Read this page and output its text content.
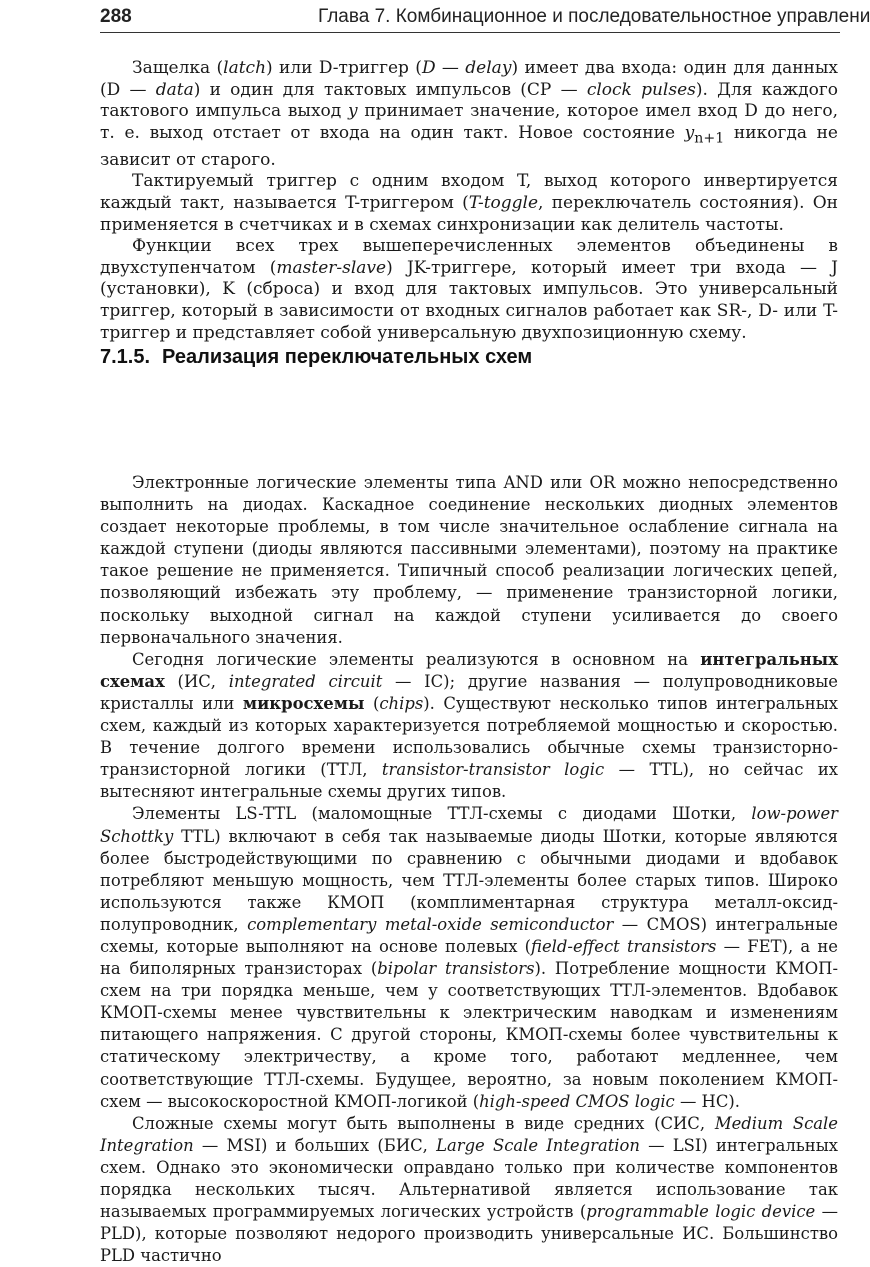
288	Глава 7. Комбинационное и последовательностное управлени

Защелка (latch) или D-триггер (D — delay) имеет два входа: один для данных (D — data) и один для тактовых импульсов (CP — clock pulses). Для каждого тактового импульса выход y принимает значение, которое имел вход D до него, т. е. выход отстает от входа на один такт. Новое состояние $y_{n+1}$ никогда не зависит от старого.

Тактируемый триггер с одним входом T, выход которого инвертируется каждый такт, называется T-триггером (T-toggle, переключатель состояния). Он применяется в счетчиках и в схемах синхронизации как делитель частоты.

Функции всех трех вышеперечисленных элементов объединены в двухступенчатом (master-slave) JK-триггере, который имеет три входа — J (установки), K (сброса) и вход для тактовых импульсов. Это универсальный триггер, который в зависимости от входных сигналов работает как SR-, D- или T-триггер и представляет собой универсальную двухпозиционную схему.

7.1.5. Реализация переключательных схем

Электронные логические элементы типа AND или OR можно непосредственно выполнить на диодах. Каскадное соединение нескольких диодных элементов создает некоторые проблемы, в том числе значительное ослабление сигнала на каждой ступени (диоды являются пассивными элементами), поэтому на практике такое решение не применяется. Типичный способ реализации логических цепей, позволяющий избежать эту проблему, — применение транзисторной логики, поскольку выходной сигнал на каждой ступени усиливается до своего первоначального значения.

Сегодня логические элементы реализуются в основном на интегральных схемах (ИС, integrated circuit — IC); другие названия — полупроводниковые кристаллы или микросхемы (chips). Существуют несколько типов интегральных схем, каждый из которых характеризуется потребляемой мощностью и скоростью. В течение долгого времени использовались обычные схемы транзисторно-транзисторной логики (ТТЛ, transistor-transistor logic — TTL), но сейчас их вытесняют интегральные схемы других типов.

Элементы LS-TTL (маломощные ТТЛ-схемы с диодами Шотки, low-power Schottky TTL) включают в себя так называемые диоды Шотки, которые являются более быстродействующими по сравнению с обычными диодами и вдобавок потребляют меньшую мощность, чем ТТЛ-элементы более старых типов. Широко используются также КМОП (комплиментарная структура металл-оксид-полупроводник, complementary metal-oxide semiconductor — CMOS) интегральные схемы, которые выполняют на основе полевых (field-effect transistors — FET), а не на биполярных транзисторах (bipolar transistors). Потребление мощности КМОП-схем на три порядка меньше, чем у соответствующих ТТЛ-элементов. Вдобавок КМОП-схемы менее чувствительны к электрическим наводкам и изменениям питающего напряжения. С другой стороны, КМОП-схемы более чувствительны к статическому электричеству, а кроме того, работают медленнее, чем соответствующие ТТЛ-схемы. Будущее, вероятно, за новым поколением КМОП-схем — высокоскоростной КМОП-логикой (high-speed CMOS logic — HC).

Сложные схемы могут быть выполнены в виде средних (СИС, Medium Scale Integration — MSI) и больших (БИС, Large Scale Integration — LSI) интегральных схем. Однако это экономически оправдано только при количестве компонентов порядка нескольких тысяч. Альтернативой является использование так называемых программируемых логических устройств (programmable logic device — PLD), которые позволяют недорого производить универсальные ИС. Большинство PLD частично
